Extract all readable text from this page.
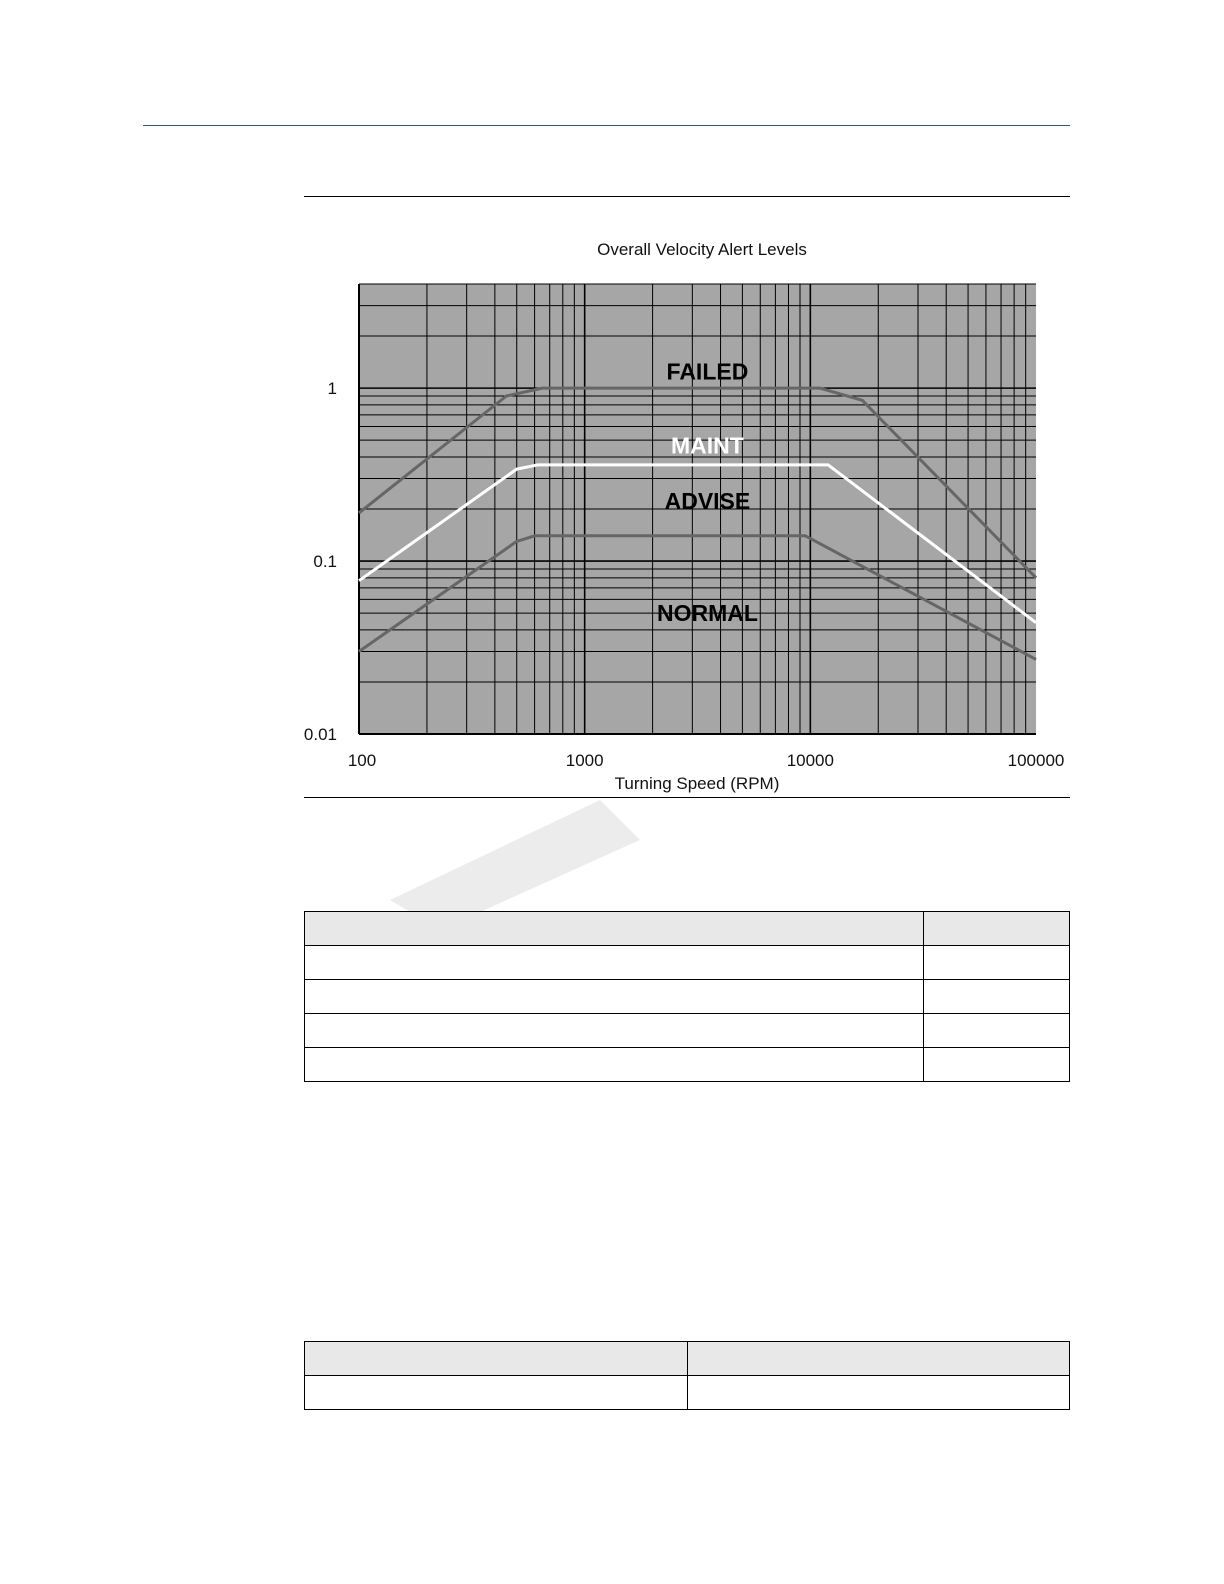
Overall Velocity Alert Levels
FAILED
MAINT
ADVISE
NORMAL
100	1000	10000	100000
0.01
0.1
1
Turning Speed (RPM)
